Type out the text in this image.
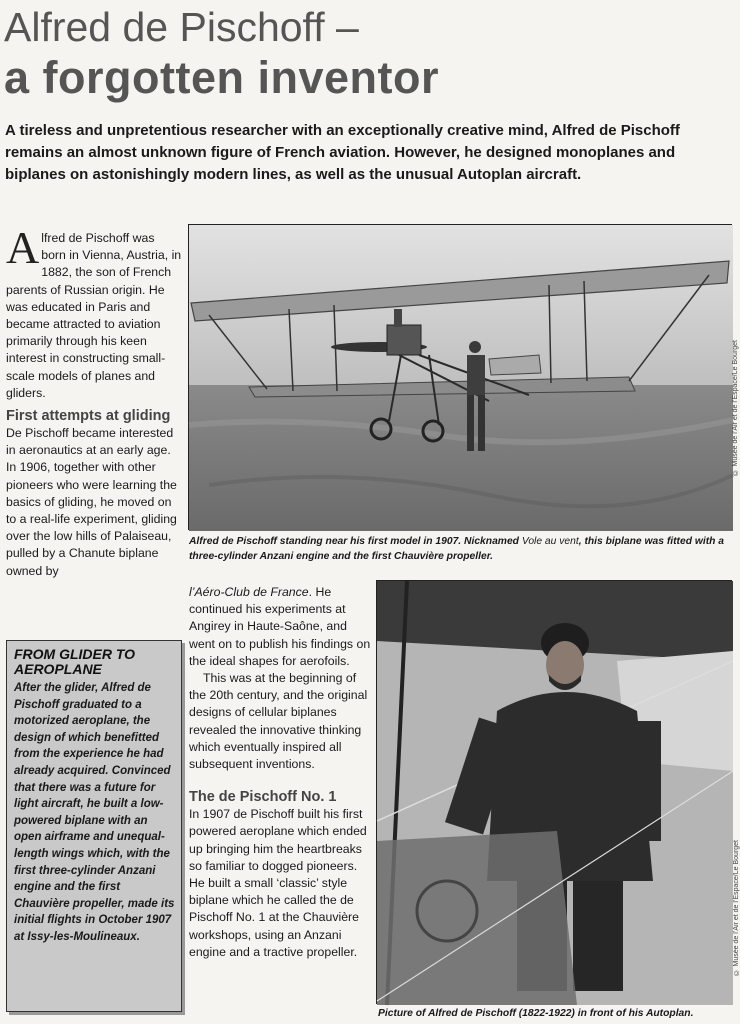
Alfred de Pischoff –
a forgotten inventor
A tireless and unpretentious researcher with an exceptionally creative mind, Alfred de Pischoff remains an almost unknown figure of French aviation. However, he designed monoplanes and biplanes on astonishingly modern lines, as well as the unusual Autoplan aircraft.

Alfred de Pischoff was born in Vienna, Austria, in 1882, the son of French parents of Russian origin. He was educated in Paris and became attracted to aviation primarily through his keen interest in constructing small-scale models of planes and gliders.

First attempts at gliding

De Pischoff became interested in aeronautics at an early age. In 1906, together with other pioneers who were learning the basics of gliding, he moved on to a real-life experiment, gliding over the low hills of Palaiseau, pulled by a Chanute biplane owned by

FROM GLIDER TO AEROPLANE

After the glider, Alfred de Pischoff graduated to a motorized aeroplane, the design of which benefitted from the experience he had already acquired. Convinced that there was a future for light aircraft, he built a low-powered biplane with an open airframe and unequal-length wings which, with the first three-cylinder Anzani engine and the first Chauvière propeller, made its initial flights in October 1907 at Issy-les-Moulineaux.

© Musée de l’Air et de l’Espace/Le Bourget
Alfred de Pischoff standing near his first model in 1907. Nicknamed Vole au vent, this biplane was fitted with a three-cylinder Anzani engine and the first Chauvière propeller.

l’Aéro-Club de France. He continued his experiments at Angirey in Haute-Saône, and went on to publish his findings on the ideal shapes for aerofoils.

This was at the beginning of the 20th century, and the original designs of cellular biplanes revealed the innovative thinking which eventually inspired all subsequent inventions.

The de Pischoff No. 1

In 1907 de Pischoff built his first powered aeroplane which ended up bringing him the heartbreaks so familiar to dogged pioneers. He built a small ‘classic’ style biplane which he called the de Pischoff No. 1 at the Chauvière workshops, using an Anzani engine and a tractive propeller.	© Musée de l’Air et de l’Espace/Le Bourget
Picture of Alfred de Pischoff (1822-1922) in front of his Autoplan.
